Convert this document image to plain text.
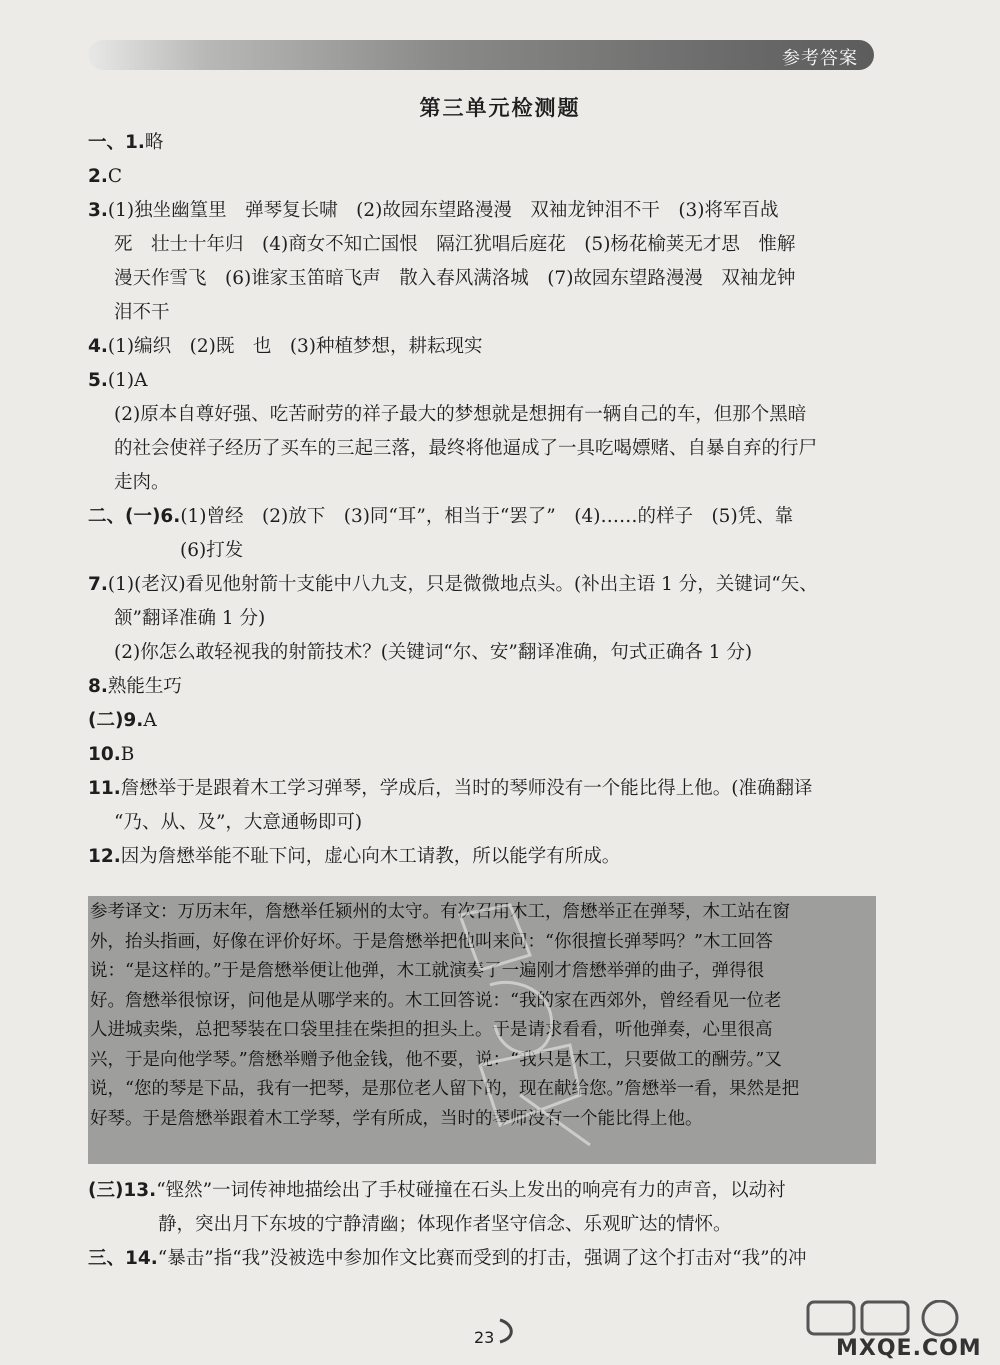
参考答案
第三单元检测题
一、1.略
2.C
3.(1)独坐幽篁里　弹琴复长啸　(2)故园东望路漫漫　双袖龙钟泪不干　(3)将军百战
死　壮士十年归　(4)商女不知亡国恨　隔江犹唱后庭花　(5)杨花榆荚无才思　惟解
漫天作雪飞　(6)谁家玉笛暗飞声　散入春风满洛城　(7)故园东望路漫漫　双袖龙钟
泪不干
4.(1)编织　(2)既　也　(3)种植梦想，耕耘现实
5.(1)A
(2)原本自尊好强、吃苦耐劳的祥子最大的梦想就是想拥有一辆自己的车，但那个黑暗
的社会使祥子经历了买车的三起三落，最终将他逼成了一具吃喝嫖赌、自暴自弃的行尸
走肉。
二、(一)6.(1)曾经　(2)放下　(3)同“耳”，相当于“罢了”　(4)……的样子　(5)凭、靠
(6)打发
7.(1)(老汉)看见他射箭十支能中八九支，只是微微地点头。(补出主语 1 分，关键词“矢、
颔”翻译准确 1 分)
(2)你怎么敢轻视我的射箭技术？(关键词“尔、安”翻译准确，句式正确各 1 分)
8.熟能生巧
(二)9.A
10.B
11.詹懋举于是跟着木工学习弹琴，学成后，当时的琴师没有一个能比得上他。(准确翻译
“乃、从、及”，大意通畅即可)
12.因为詹懋举能不耻下问，虚心向木工请教，所以能学有所成。
参考译文：万历末年，詹懋举任颍州的太守。有次召用木工，詹懋举正在弹琴，木工站在窗
外，抬头指画，好像在评价好坏。于是詹懋举把他叫来问：“你很擅长弹琴吗？”木工回答
说：“是这样的。”于是詹懋举便让他弹，木工就演奏了一遍刚才詹懋举弹的曲子，弹得很
好。詹懋举很惊讶，问他是从哪学来的。木工回答说：“我的家在西郊外，曾经看见一位老
人进城卖柴，总把琴装在口袋里挂在柴担的担头上。于是请求看看，听他弹奏，心里很高
兴，于是向他学琴。”詹懋举赠予他金钱，他不要，说：“我只是木工，只要做工的酬劳。”又
说，“您的琴是下品，我有一把琴，是那位老人留下的，现在献给您。”詹懋举一看，果然是把
好琴。于是詹懋举跟着木工学琴，学有所成，当时的琴师没有一个能比得上他。
(三)13.“铿然”一词传神地描绘出了手杖碰撞在石头上发出的响亮有力的声音，以动衬
静，突出月下东坡的宁静清幽；体现作者坚守信念、乐观旷达的情怀。
三、14.“暴击”指“我”没被选中参加作文比赛而受到的打击，强调了这个打击对“我”的冲
23	MXQE.COM
